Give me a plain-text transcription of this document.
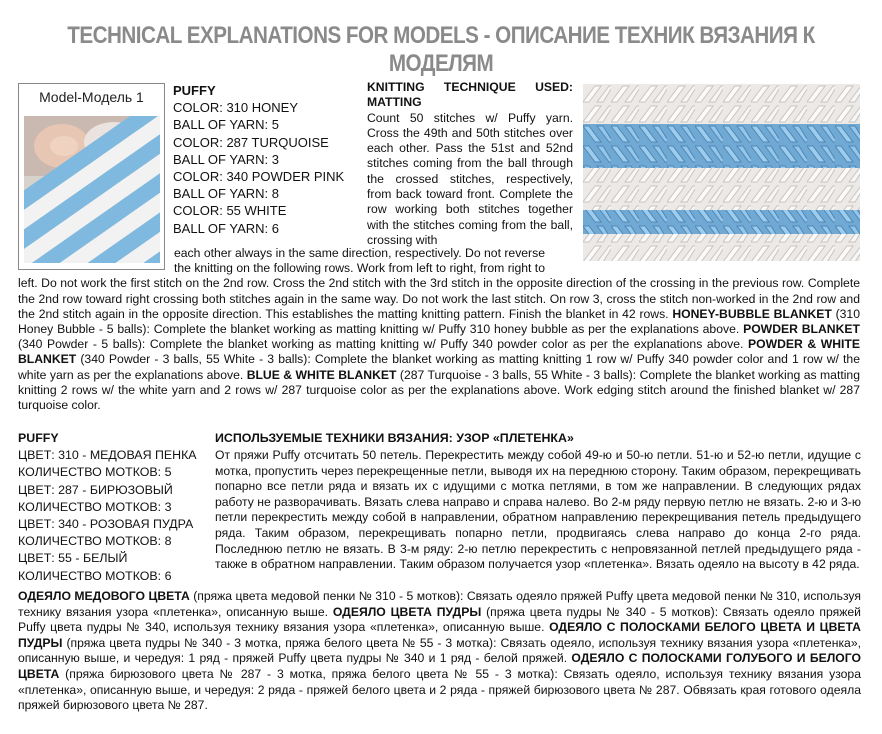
TECHNICAL EXPLANATIONS FOR MODELS - ОПИСАНИЕ ТЕХНИК ВЯЗАНИЯ К МОДЕЛЯМ
Model-Модель 1	PUFFY
COLOR: 310 HONEY
BALL OF YARN: 5
COLOR: 287 TURQUOISE
BALL OF YARN: 3
COLOR: 340 POWDER PINK
BALL OF YARN: 8
COLOR: 55 WHITE
BALL OF YARN: 6
KNITTING TECHNIQUE USED: MATTING
Count 50 stitches w/ Puffy yarn. Cross the 49th and 50th stitches over each other. Pass the 51st and 52nd stitches coming from the ball through the crossed stitches, respectively, from back toward front. Complete the row working both stitches together with the stitches coming from the ball, crossing with
each other always in the same direction, respectively. Do not reverse
the knitting on the following rows. Work from left to right, from right to
left. Do not work the first stitch on the 2nd row. Cross the 2nd stitch with the 3rd stitch in the opposite direction of the crossing in the previous row. Complete the 2nd row toward right crossing both stitches again in the same way. Do not work the last stitch. On row 3, cross the stitch non-worked in the 2nd row and the 2nd stitch again in the opposite direction. This establishes the matting knitting pattern. Finish the blanket in 42 rows. HONEY-BUBBLE BLANKET (310 Honey Bubble - 5 balls): Complete the blanket working as matting knitting w/ Puffy 310 honey bubble as per the explanations above. POWDER BLANKET (340 Powder - 5 balls): Complete the blanket working as matting knitting w/ Puffy 340 powder color as per the explanations above. POWDER & WHITE BLANKET (340 Powder - 3 balls, 55 White - 3 balls): Complete the blanket working as matting knitting 1 row w/ Puffy 340 powder color and 1 row w/ the white yarn as per the explanations above. BLUE & WHITE BLANKET (287 Turquoise - 3 balls, 55 White - 3 balls): Complete the blanket working as matting knitting 2 rows w/ the white yarn and 2 rows w/ 287 turquoise color as per the explanations above. Work edging stitch around the finished blanket w/ 287 turquoise color.
PUFFY
ЦВЕТ: 310 - МЕДОВАЯ ПЕНКА
КОЛИЧЕСТВО МОТКОВ: 5
ЦВЕТ: 287 - БИРЮЗОВЫЙ
КОЛИЧЕСТВО МОТКОВ: 3
ЦВЕТ: 340 - РОЗОВАЯ ПУДРА
КОЛИЧЕСТВО МОТКОВ: 8
ЦВЕТ: 55 - БЕЛЫЙ
КОЛИЧЕСТВО МОТКОВ: 6
ИСПОЛЬЗУЕМЫЕ ТЕХНИКИ ВЯЗАНИЯ: УЗОР «ПЛЕТЕНКА»
От пряжи Puffy отсчитать 50 петель. Перекрестить между собой 49-ю и 50-ю петли. 51-ю и 52-ю петли, идущие с мотка, пропустить через перекрещенные петли, выводя их на переднюю сторону. Таким образом, перекрещивать попарно все петли ряда и вязать их с идущими с мотка петлями, в том же направлении. В следующих рядах работу не разворачивать. Вязать слева направо и справа налево. Во 2-м ряду первую петлю не вязать. 2-ю и 3-ю петли перекрестить между собой в направлении, обратном направлению перекрещивания петель предыдущего ряда. Таким образом, перекрещивать попарно петли, продвигаясь слева направо до конца 2-го ряда. Последнюю петлю не вязать. В 3-м ряду: 2-ю петлю перекрестить с непровязанной петлей предыдущего ряда - также в обратном направлении. Таким образом получается узор «плетенка». Вязать одеяло на высоту в 42 ряда.
ОДЕЯЛО МЕДОВОГО ЦВЕТА (пряжа цвета медовой пенки № 310 - 5 мотков): Связать одеяло пряжей Puffy цвета медовой пенки № 310, используя технику вязания узора «плетенка», описанную выше. ОДЕЯЛО ЦВЕТА ПУДРЫ (пряжа цвета пудры № 340 - 5 мотков): Связать одеяло пряжей Puffy цвета пудры № 340, используя технику вязания узора «плетенка», описанную выше. ОДЕЯЛО С ПОЛОСКАМИ БЕЛОГО ЦВЕТА И ЦВЕТА ПУДРЫ (пряжа цвета пудры № 340 - 3 мотка, пряжа белого цвета № 55 - 3 мотка): Связать одеяло, используя технику вязания узора «плетенка», описанную выше, и чередуя: 1 ряд - пряжей Puffy цвета пудры № 340 и 1 ряд - белой пряжей. ОДЕЯЛО С ПОЛОСКАМИ ГОЛУБОГО И БЕЛОГО ЦВЕТА (пряжа бирюзового цвета № 287 - 3 мотка, пряжа белого цвета № 55 - 3 мотка): Связать одеяло, используя технику вязания узора «плетенка», описанную выше, и чередуя: 2 ряда - пряжей белого цвета и 2 ряда - пряжей бирюзового цвета № 287. Обвязать края готового одеяла пряжей бирюзового цвета № 287.
